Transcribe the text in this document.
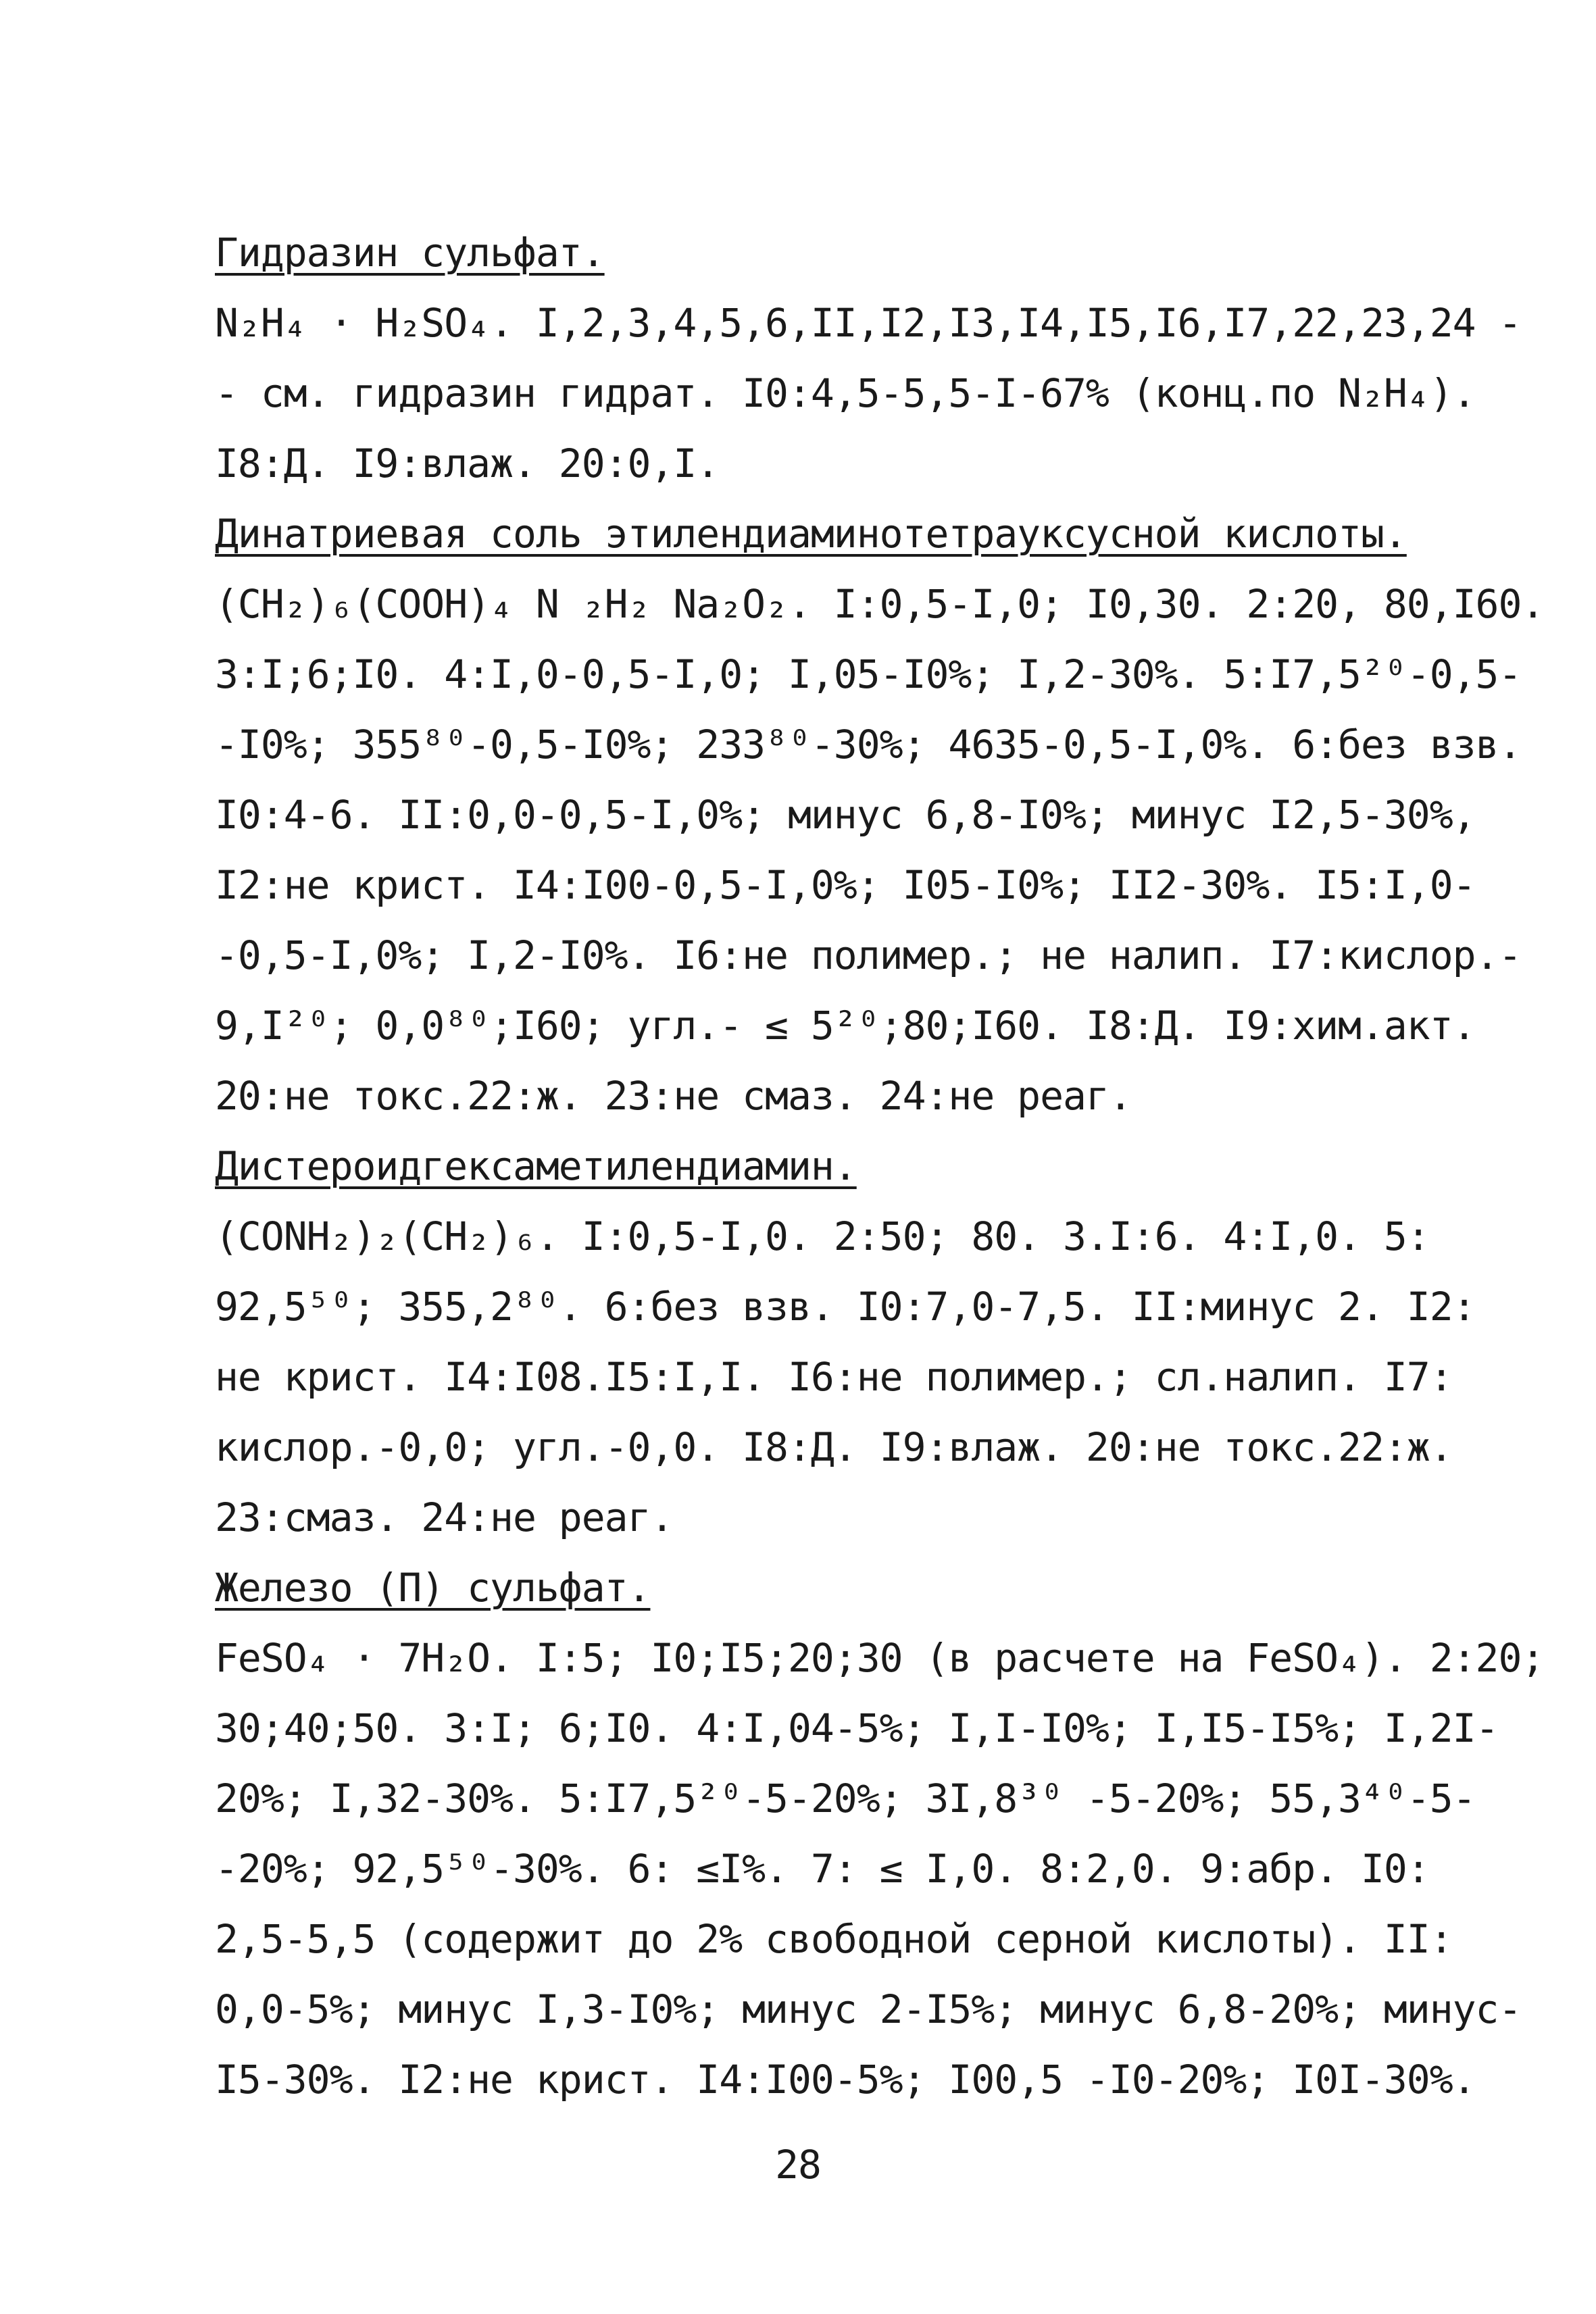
Гидразин сульфат.
N₂H₄ · H₂SO₄. I,2,3,4,5,6,II,I2,I3,I4,I5,I6,I7,22,23,24 -
- см. гидразин гидрат. I0:4,5-5,5-I-67% (конц.по N₂H₄).
I8:Д. I9:влаж. 20:0,I.
Динатриевая соль этилендиаминотетрауксусной кислоты.
(CH₂)₆(COOH)₄ N ₂H₂ Na₂O₂. I:0,5-I,0; I0,30. 2:20, 80,I60.
3:I;6;I0. 4:I,0-0,5-I,0; I,05-I0%; I,2-30%. 5:I7,5²⁰-0,5-
-I0%; 355⁸⁰-0,5-I0%; 233⁸⁰-30%; 4635-0,5-I,0%. 6:без взв.
I0:4-6. II:0,0-0,5-I,0%; минус 6,8-I0%; минус I2,5-30%,
I2:не крист. I4:I00-0,5-I,0%; I05-I0%; II2-30%. I5:I,0-
-0,5-I,0%; I,2-I0%. I6:не полимер.; не налип. I7:кислор.-
9,I²⁰; 0,0⁸⁰;I60; угл.- ≤ 5²⁰;80;I60. I8:Д. I9:хим.акт.
20:не токс.22:ж. 23:не смаз. 24:не реаг.
Дистероидгексаметилендиамин.
(CONH₂)₂(CH₂)₆. I:0,5-I,0. 2:50; 80. 3.I:6. 4:I,0. 5:
92,5⁵⁰; 355,2⁸⁰. 6:без взв. I0:7,0-7,5. II:минус 2. I2:
не крист. I4:I08.I5:I,I. I6:не полимер.; сл.налип. I7:
кислор.-0,0; угл.-0,0. I8:Д. I9:влаж. 20:не токс.22:ж.
23:смаз. 24:не реаг.
Железо (П) сульфат.
FeSO₄ · 7H₂O. I:5; I0;I5;20;30 (в расчете на FeSO₄). 2:20;
30;40;50. 3:I; 6;I0. 4:I,04-5%; I,I-I0%; I,I5-I5%; I,2I-
20%; I,32-30%. 5:I7,5²⁰-5-20%; 3I,8³⁰ -5-20%; 55,3⁴⁰-5-
-20%; 92,5⁵⁰-30%. 6: ≤I%. 7: ≤ I,0. 8:2,0. 9:абр. I0:
2,5-5,5 (содержит до 2% свободной серной кислоты). II:
0,0-5%; минус I,3-I0%; минус 2-I5%; минус 6,8-20%; минус-
I5-30%. I2:не крист. I4:I00-5%; I00,5 -I0-20%; I0I-30%.
28
